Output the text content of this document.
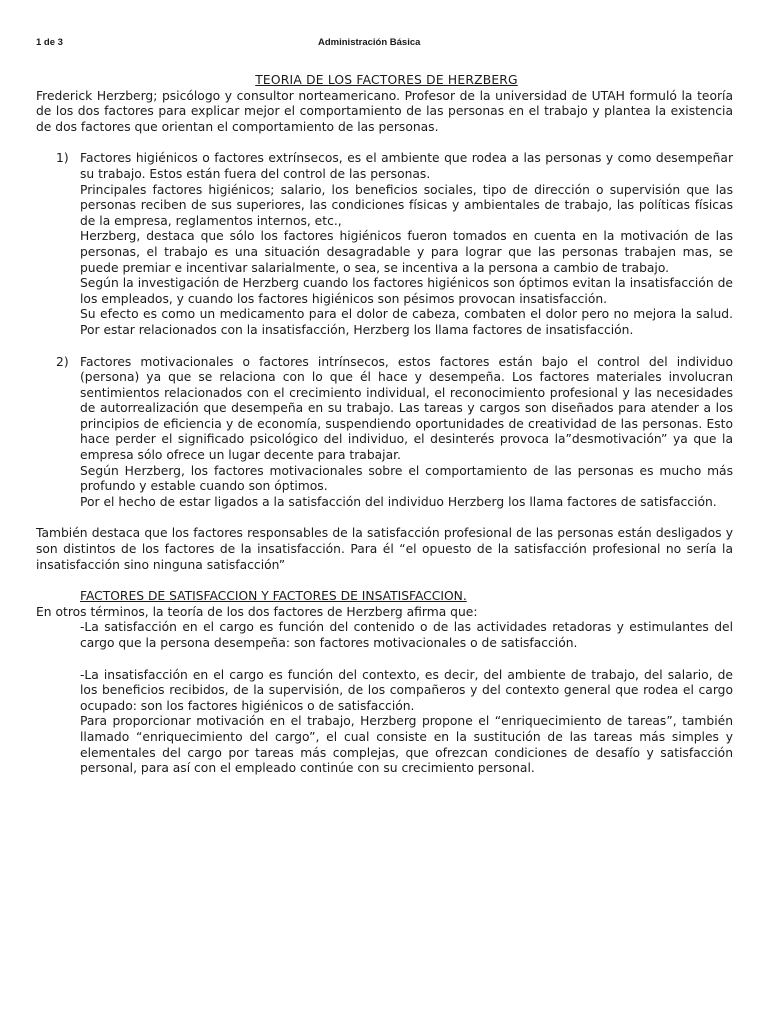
1 de 3	Administración Básica
TEORIA DE LOS FACTORES DE HERZBERG

Frederick Herzberg; psicólogo y consultor norteamericano. Profesor de la universidad de UTAH formuló la teoría de los dos factores para explicar mejor el comportamiento de las personas en el trabajo y plantea la existencia de dos factores que orientan el comportamiento de las personas.

1) Factores higiénicos o factores extrínsecos, es el ambiente que rodea a las personas y como desempeñar su trabajo. Estos están fuera del control de las personas.

Principales factores higiénicos; salario, los beneficios sociales, tipo de dirección o supervisión que las personas reciben de sus superiores, las condiciones físicas y ambientales de trabajo, las políticas físicas de la empresa, reglamentos internos, etc.,

Herzberg, destaca que sólo los factores higiénicos fueron tomados en cuenta en la motivación de las personas, el trabajo es una situación desagradable y para lograr que las personas trabajen mas, se puede premiar e incentivar salarialmente, o sea, se incentiva a la persona a cambio de trabajo.

Según la investigación de Herzberg cuando los factores higiénicos son óptimos evitan la insatisfacción de los empleados, y cuando los factores higiénicos son pésimos provocan insatisfacción.

Su efecto es como un medicamento para el dolor de cabeza, combaten el dolor pero no mejora la salud. Por estar relacionados con la insatisfacción, Herzberg los llama factores de insatisfacción.

2) Factores motivacionales o factores intrínsecos, estos factores están bajo el control del individuo (persona) ya que se relaciona con lo que él hace y desempeña. Los factores materiales involucran sentimientos relacionados con el crecimiento individual, el reconocimiento profesional y las necesidades de autorrealización que desempeña en su trabajo. Las tareas y cargos son diseñados para atender a los principios de eficiencia y de economía, suspendiendo oportunidades de creatividad de las personas. Esto hace perder el significado psicológico del individuo, el desinterés provoca la”desmotivación” ya que la empresa sólo ofrece un lugar decente para trabajar.

Según Herzberg, los factores motivacionales sobre el comportamiento de las personas es mucho más profundo y estable cuando son óptimos.

Por el hecho de estar ligados a la satisfacción del individuo Herzberg los llama factores de satisfacción.

También destaca que los factores responsables de la satisfacción profesional de las personas están desligados y son distintos de los factores de la insatisfacción. Para él “el opuesto de la satisfacción profesional no sería la insatisfacción sino ninguna satisfacción”

FACTORES DE SATISFACCION Y FACTORES DE INSATISFACCION.

En otros términos, la teoría de los dos factores de Herzberg afirma que:

-La satisfacción en el cargo es función del contenido o de las actividades retadoras y estimulantes del cargo que la persona desempeña: son factores motivacionales o de satisfacción.

-La insatisfacción en el cargo es función del contexto, es decir, del ambiente de trabajo, del salario, de los beneficios recibidos, de la supervisión, de los compañeros y del contexto general que rodea el cargo ocupado: son los factores higiénicos o de satisfacción.

Para proporcionar motivación en el trabajo, Herzberg propone el “enriquecimiento de tareas”, también llamado “enriquecimiento del cargo”, el cual consiste en la sustitución de las tareas más simples y elementales del cargo por tareas más complejas, que ofrezcan condiciones de desafío y satisfacción personal, para así con el empleado continúe con su crecimiento personal.
